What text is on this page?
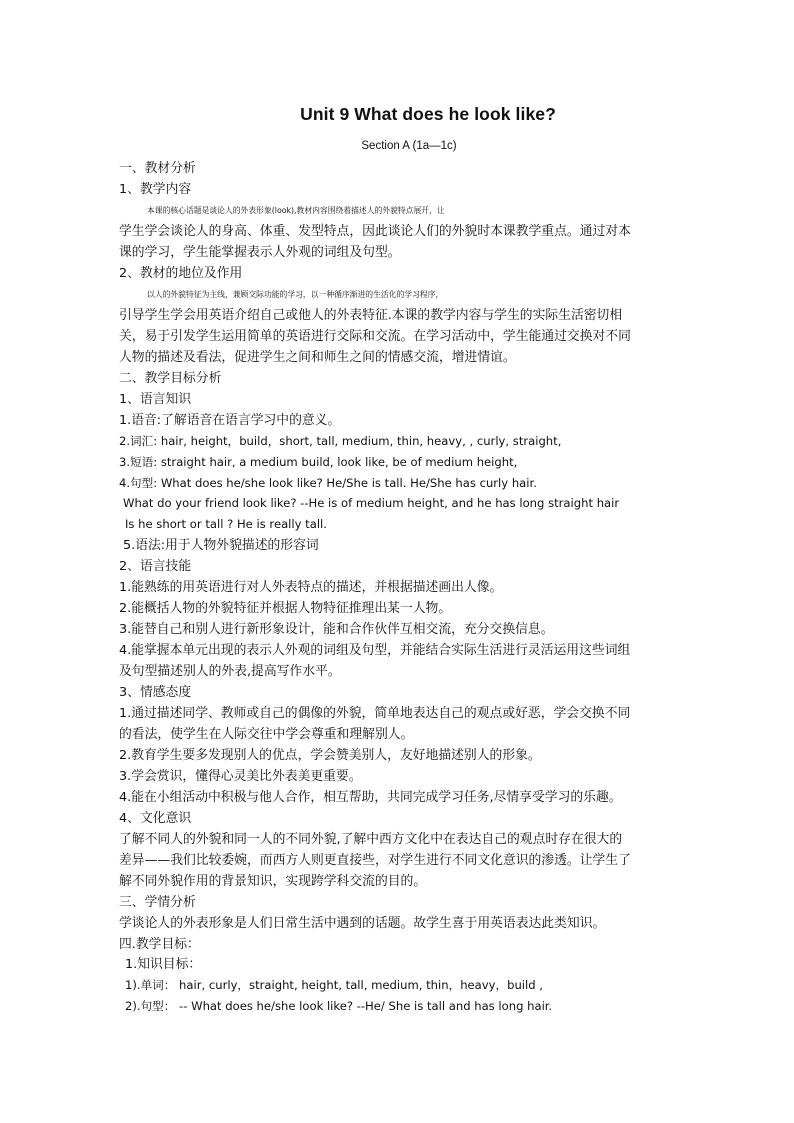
Unit 9 What does he look like?
Section A (1a—1c)
一、教材分析
1、教学内容
本课的核心话题是谈论人的外表形象(look),教材内容围绕着描述人的外貌特点展开，让
学生学会谈论人的身高、体重、发型特点，因此谈论人们的外貌时本课教学重点。通过对本
课的学习，学生能掌握表示人外观的词组及句型。
2、教材的地位及作用
以人的外貌特征为主线，兼顾交际功能的学习，以一种循序渐进的生活化的学习程序，
引导学生学会用英语介绍自己或他人的外表特征.本课的教学内容与学生的实际生活密切相
关，易于引发学生运用简单的英语进行交际和交流。在学习活动中，学生能通过交换对不同
人物的描述及看法，促进学生之间和师生之间的情感交流，增进情谊。
二、教学目标分析
1、语言知识
1.语音:了解语音在语言学习中的意义。
2.词汇: hair, height，build，short, tall, medium, thin, heavy, , curly, straight,
3.短语: straight hair, a medium build, look like, be of medium height,
4.句型: What does he/she look like? He/She is tall. He/She has curly hair.
What do your friend look like? --He is of medium height, and he has long straight hair
Is he short or tall ? He is really tall.
5.语法:用于人物外貌描述的形容词
2、语言技能
1.能熟练的用英语进行对人外表特点的描述，并根据描述画出人像。
2.能概括人物的外貌特征并根据人物特征推理出某一人物。
3.能替自己和别人进行新形象设计，能和合作伙伴互相交流，充分交换信息。
4.能掌握本单元出现的表示人外观的词组及句型，并能结合实际生活进行灵活运用这些词组
及句型描述别人的外表,提高写作水平。
3、情感态度
1.通过描述同学、教师或自己的偶像的外貌，简单地表达自己的观点或好恶，学会交换不同
的看法，使学生在人际交往中学会尊重和理解别人。
2.教育学生要多发现别人的优点，学会赞美别人，友好地描述别人的形象。
3.学会赏识，懂得心灵美比外表美更重要。
4.能在小组活动中积极与他人合作，相互帮助，共同完成学习任务,尽情享受学习的乐趣。
4、文化意识
了解不同人的外貌和同一人的不同外貌,了解中西方文化中在表达自己的观点时存在很大的
差异——我们比较委婉，而西方人则更直接些，对学生进行不同文化意识的渗透。让学生了
解不同外貌作用的背景知识，实现跨学科交流的目的。
三、学情分析
学谈论人的外表形象是人们日常生活中遇到的话题。故学生喜于用英语表达此类知识。
四.教学目标：
1.知识目标：
1).单词： hair, curly，straight, height, tall, medium, thin，heavy，build ,
2).句型： -- What does he/she look like? --He/ She is tall and has long hair.
